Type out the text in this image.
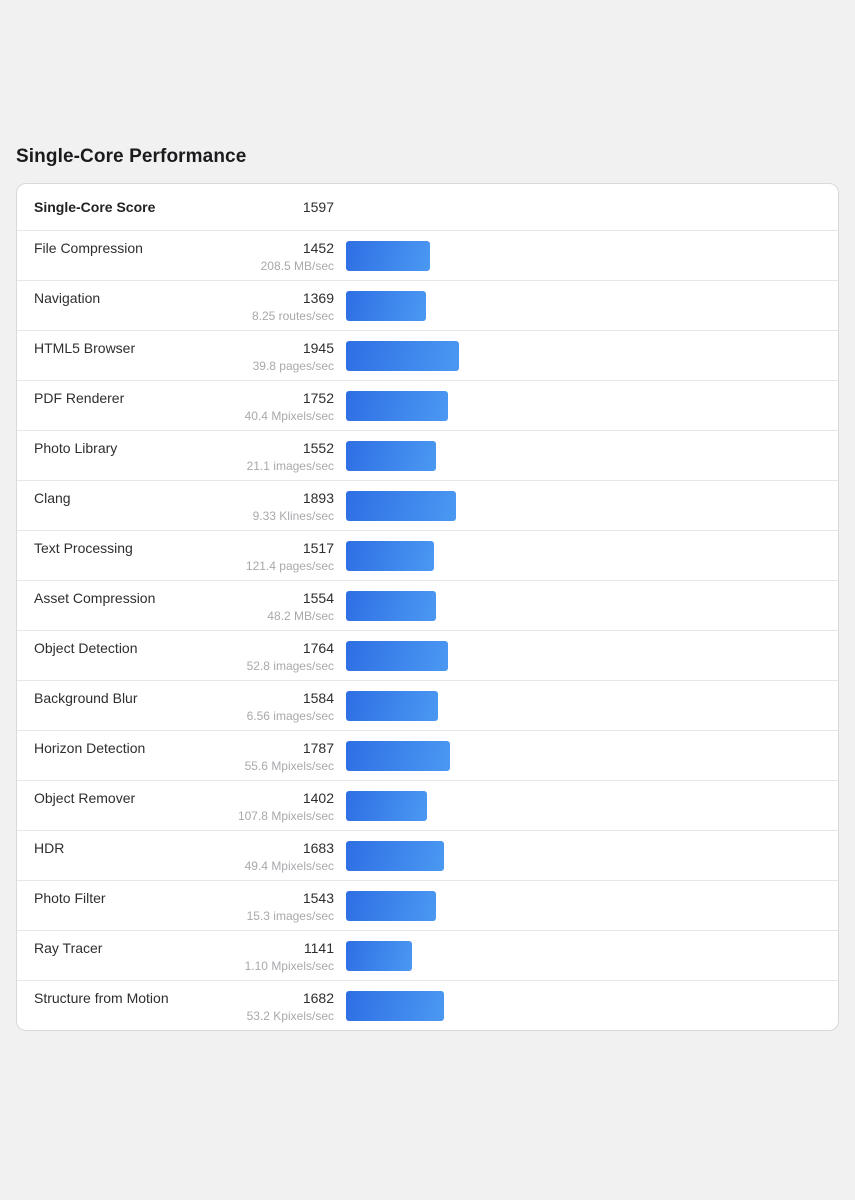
Single-Core Performance
Single-Core Score	1597
File Compression	1452
208.5 MB/sec
Navigation	1369
8.25 routes/sec
HTML5 Browser	1945
39.8 pages/sec
PDF Renderer	1752
40.4 Mpixels/sec
Photo Library	1552
21.1 images/sec
Clang	1893
9.33 Klines/sec
Text Processing	1517
121.4 pages/sec
Asset Compression	1554
48.2 MB/sec
Object Detection	1764
52.8 images/sec
Background Blur	1584
6.56 images/sec
Horizon Detection	1787
55.6 Mpixels/sec
Object Remover	1402
107.8 Mpixels/sec
HDR	1683
49.4 Mpixels/sec
Photo Filter	1543
15.3 images/sec
Ray Tracer	1141
1.10 Mpixels/sec
Structure from Motion	1682
53.2 Kpixels/sec
